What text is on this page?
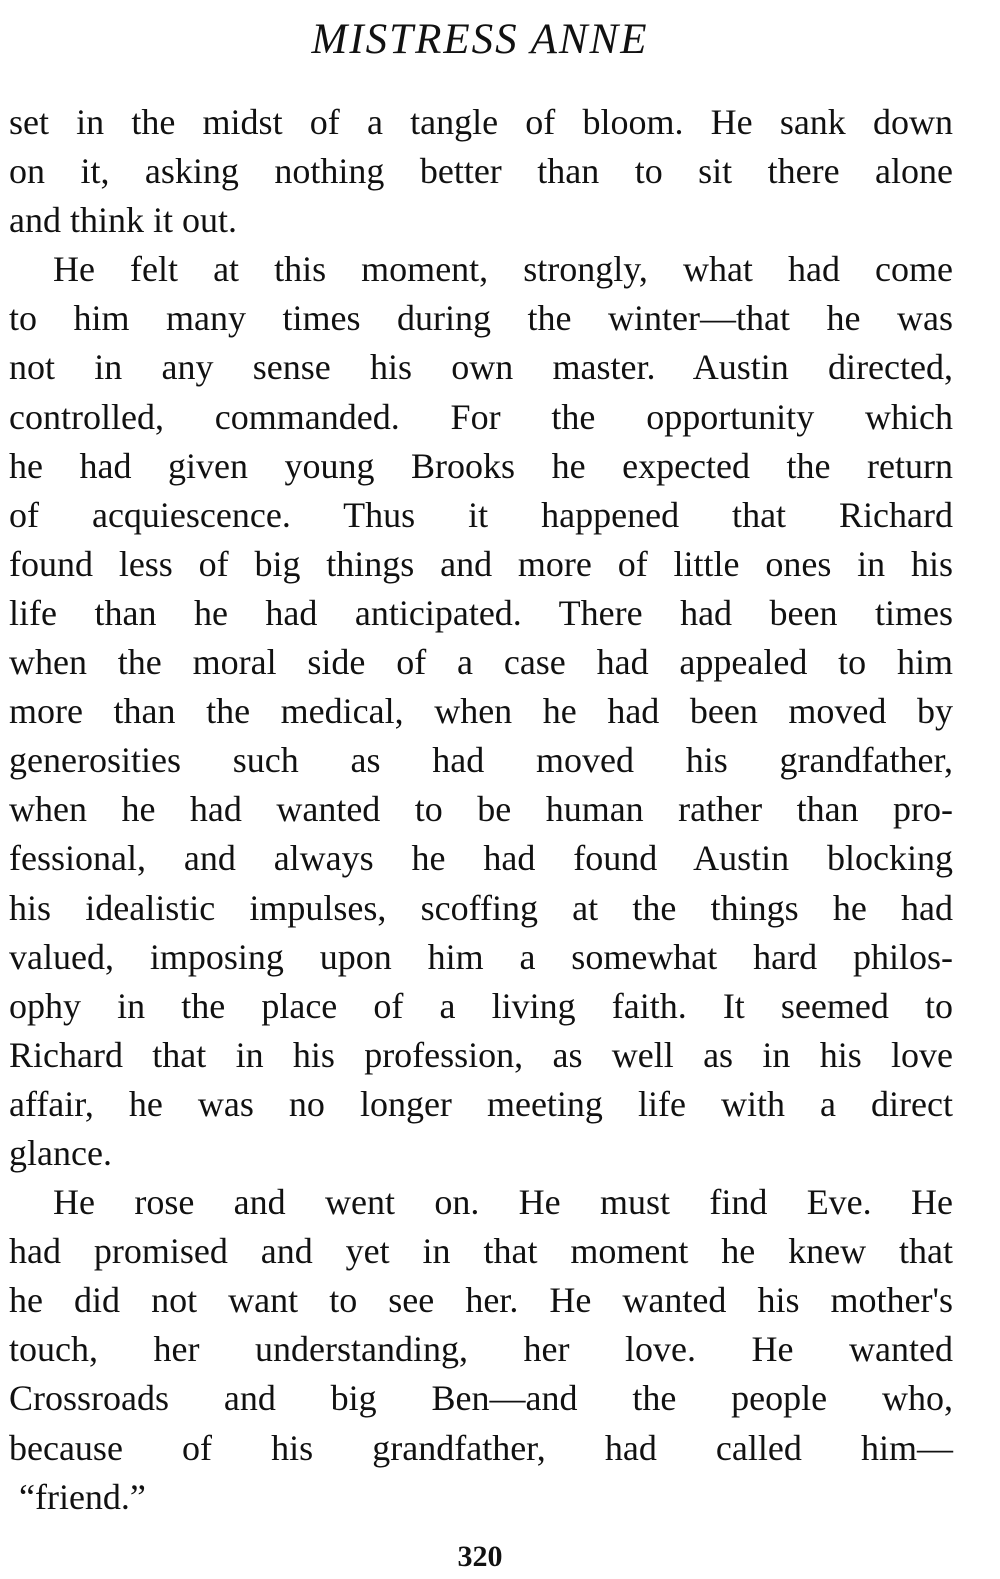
MISTRESS ANNE
set in the midst of a tangle of bloom. He sank down
on it, asking nothing better than to sit there alone
and think it out.
He felt at this moment, strongly, what had come
to him many times during the winter—that he was
not in any sense his own master. Austin directed,
controlled, commanded. For the opportunity which
he had given young Brooks he expected the return
of acquiescence. Thus it happened that Richard
found less of big things and more of little ones in his
life than he had anticipated. There had been times
when the moral side of a case had appealed to him
more than the medical, when he had been moved by
generosities such as had moved his grandfather,
when he had wanted to be human rather than pro-
fessional, and always he had found Austin blocking
his idealistic impulses, scoffing at the things he had
valued, imposing upon him a somewhat hard philos-
ophy in the place of a living faith. It seemed to
Richard that in his profession, as well as in his love
affair, he was no longer meeting life with a direct
glance.
He rose and went on. He must find Eve. He
had promised and yet in that moment he knew that
he did not want to see her. He wanted his mother's
touch, her understanding, her love. He wanted
Crossroads and big Ben—and the people who,
because of his grandfather, had called him—
“friend.”
320
